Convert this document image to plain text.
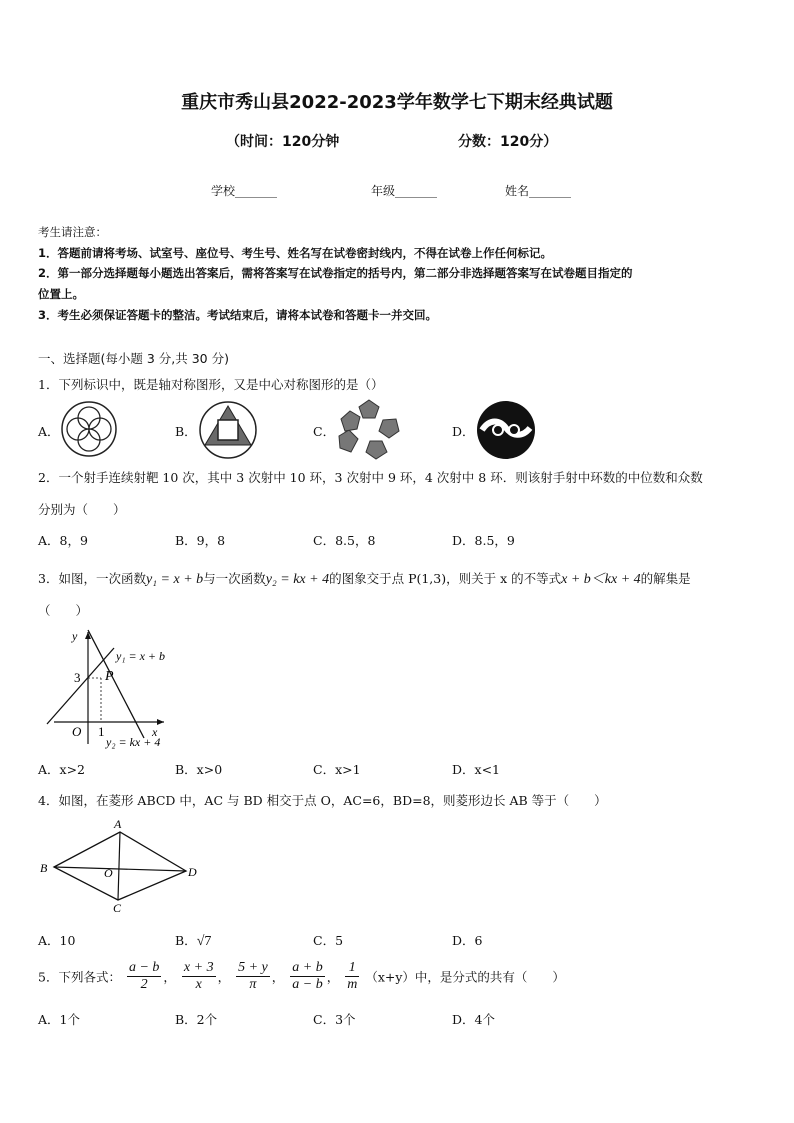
重庆市秀山县2022-2023学年数学七下期末经典试题
（时间：120分钟	分数：120分）
学校_______	年级_______	姓名_______
考生请注意：
1．答题前请将考场、试室号、座位号、考生号、姓名写在试卷密封线内，不得在试卷上作任何标记。
2．第一部分选择题每小题选出答案后，需将答案写在试卷指定的括号内，第二部分非选择题答案写在试卷题目指定的
位置上。
3．考生必须保证答题卡的整洁。考试结束后，请将本试卷和答题卡一并交回。
一、选择题(每小题 3 分,共 30 分)
1．下列标识中，既是轴对称图形，又是中心对称图形的是（）
A．	B．	C．	D．
2．一个射手连续射靶 10 次，其中 3 次射中 10 环，3 次射中 9 环，4 次射中 8 环．则该射手射中环数的中位数和众数
分别为（　　）
A．8，9	B．9，8	C．8.5，8	D．8.5，9
3．如图，一次函数y₁ = x + b与一次函数y₂ = kx + 4的图象交于点 P(1,3)，则关于 x 的不等式x + b＜kx + 4的解集是
（　　）
y
x
O 1
3 P
y₁ = x + b
y₂ = kx + 4
A．x>2	B．x>0	C．x>1	D．x<1
4．如图，在菱形 ABCD 中，AC 与 BD 相交于点 O，AC=6，BD=8，则菱形边长 AB 等于（　　）
A
B	D
C
O
A．10	B．√7	C．5	D．6
5．下列各式： $\frac{a - b}{2}$ ， $\frac{x + 3}{x}$ ， $\frac{5 + y}{\pi}$ ， $\frac{a + b}{a - b}$ ， $\frac{1}{m} (x+y)$中，是分式的共有（　　）
A．1个	B．2个	C．3个	D．4个
